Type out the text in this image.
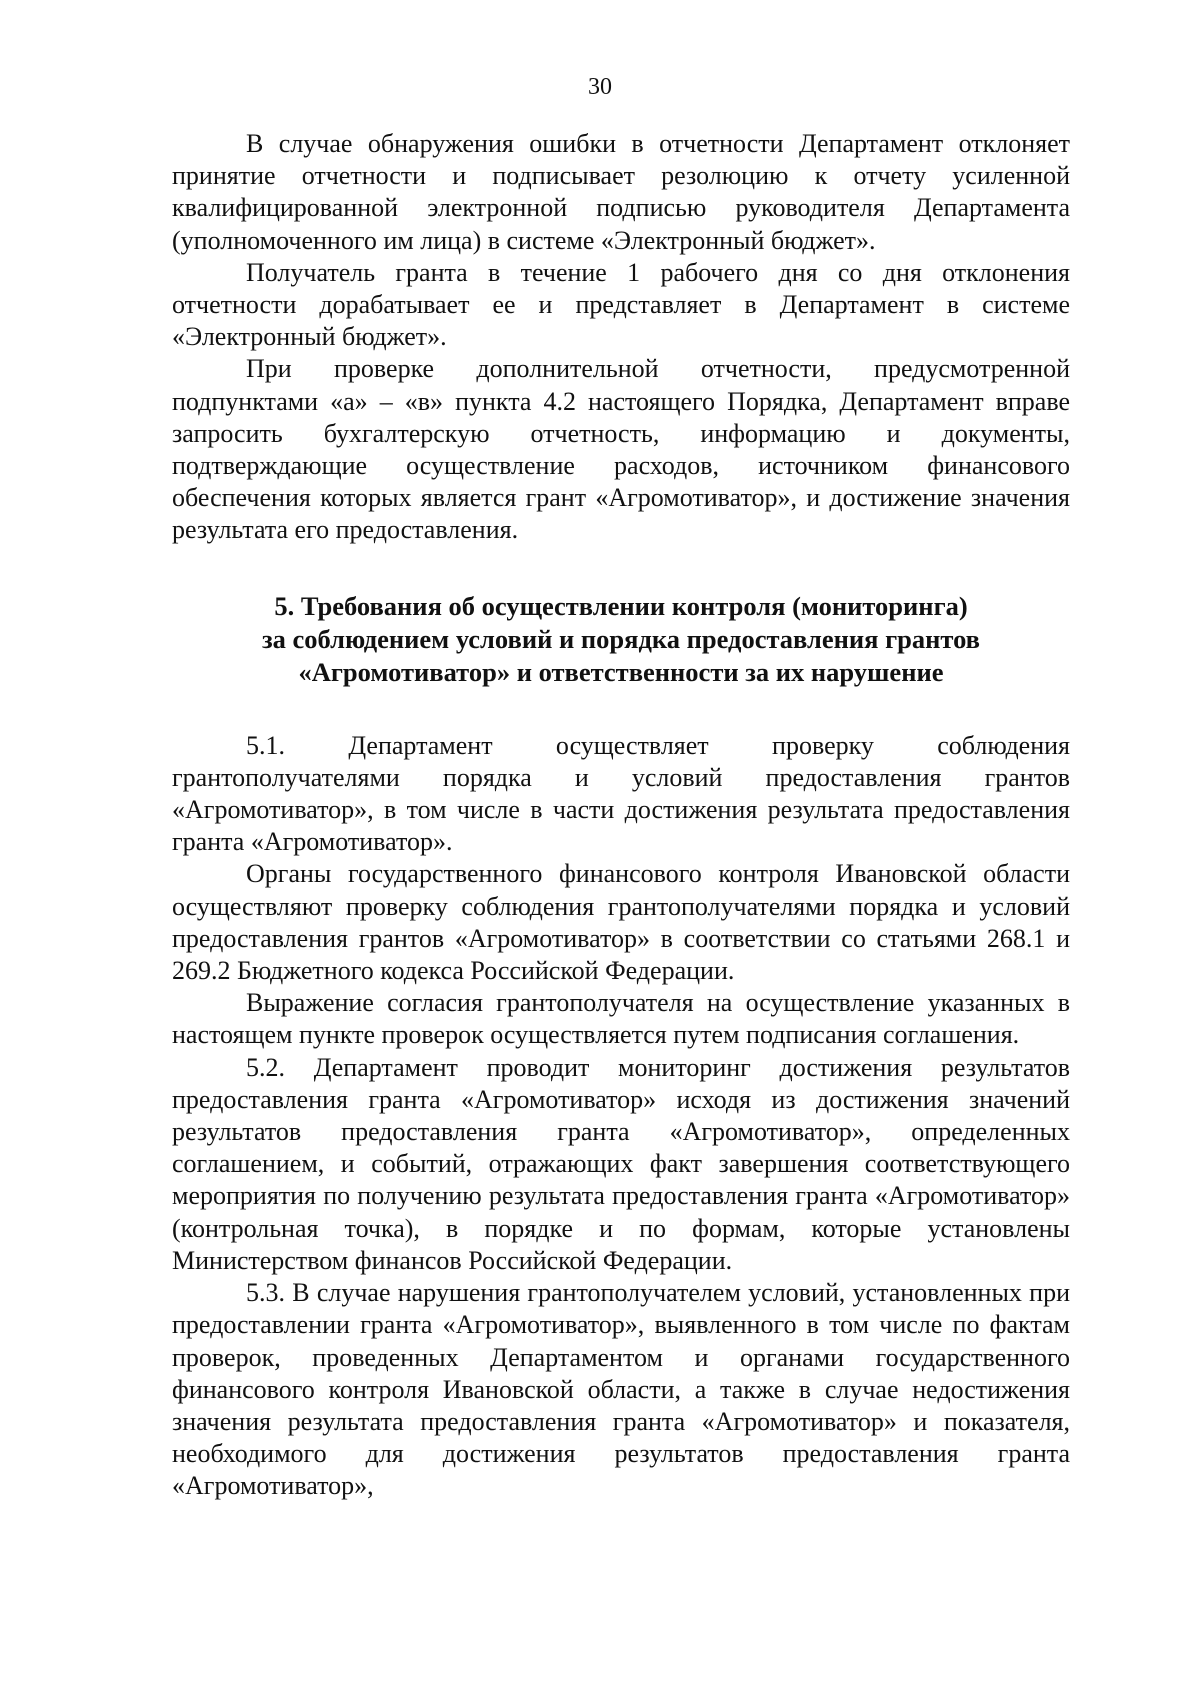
30

В случае обнаружения ошибки в отчетности Департамент отклоняет принятие отчетности и подписывает резолюцию к отчету усиленной квалифицированной электронной подписью руководителя Департамента (уполномоченного им лица) в системе «Электронный бюджет».

Получатель гранта в течение 1 рабочего дня со дня отклонения отчетности дорабатывает ее и представляет в Департамент в системе «Электронный бюджет».

При проверке дополнительной отчетности, предусмотренной подпунктами «а» – «в» пункта 4.2 настоящего Порядка, Департамент вправе запросить бухгалтерскую отчетность, информацию и документы, подтверждающие осуществление расходов, источником финансового обеспечения которых является грант «Агромотиватор», и достижение значения результата его предоставления.

5. Требования об осуществлении контроля (мониторинга)
за соблюдением условий и порядка предоставления грантов
«Агромотиватор» и ответственности за их нарушение

5.1. Департамент осуществляет проверку соблюдения грантополучателями порядка и условий предоставления грантов «Агромотиватор», в том числе в части достижения результата предоставления гранта «Агромотиватор».

Органы государственного финансового контроля Ивановской области осуществляют проверку соблюдения грантополучателями порядка и условий предоставления грантов «Агромотиватор» в соответствии со статьями 268.1 и 269.2 Бюджетного кодекса Российской Федерации.

Выражение согласия грантополучателя на осуществление указанных в настоящем пункте проверок осуществляется путем подписания соглашения.

5.2. Департамент проводит мониторинг достижения результатов предоставления гранта «Агромотиватор» исходя из достижения значений результатов предоставления гранта «Агромотиватор», определенных соглашением, и событий, отражающих факт завершения соответствующего мероприятия по получению результата предоставления гранта «Агромотиватор» (контрольная точка), в порядке и по формам, которые установлены Министерством финансов Российской Федерации.

5.3. В случае нарушения грантополучателем условий, установленных при предоставлении гранта «Агромотиватор», выявленного в том числе по фактам проверок, проведенных Департаментом и органами государственного финансового контроля Ивановской области, а также в случае недостижения значения результата предоставления гранта «Агромотиватор» и показателя, необходимого для достижения результатов предоставления гранта «Агромотиватор»,
